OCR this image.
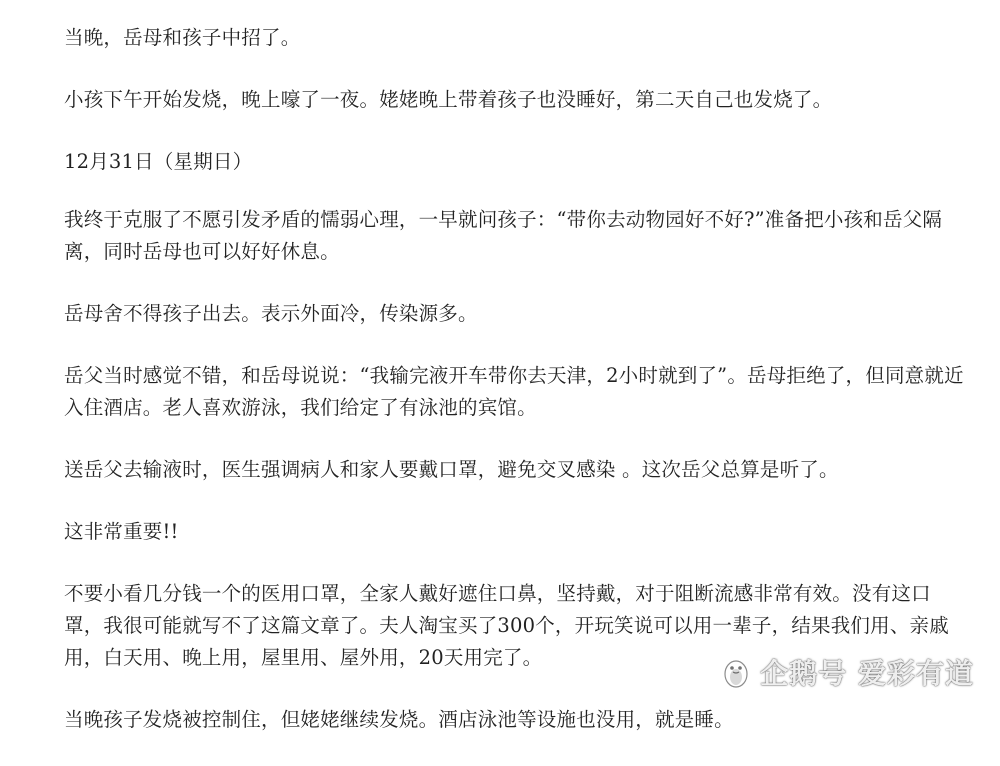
当晚，岳母和孩子中招了。

小孩下午开始发烧，晚上嚎了一夜。姥姥晚上带着孩子也没睡好，第二天自己也发烧了。

12月31日（星期日）

我终于克服了不愿引发矛盾的懦弱心理，一早就问孩子：“带你去动物园好不好?”准备把小孩和岳父隔离，同时岳母也可以好好休息。

岳母舍不得孩子出去。表示外面冷，传染源多。

岳父当时感觉不错，和岳母说说：“我输完液开车带你去天津，2小时就到了”。岳母拒绝了，但同意就近入住酒店。老人喜欢游泳，我们给定了有泳池的宾馆。

送岳父去输液时，医生强调病人和家人要戴口罩，避免交叉感染 。这次岳父总算是听了。

这非常重要!!

不要小看几分钱一个的医用口罩，全家人戴好遮住口鼻，坚持戴，对于阻断流感非常有效。没有这口罩，我很可能就写不了这篇文章了。夫人淘宝买了300个，开玩笑说可以用一辈子，结果我们用、亲戚用，白天用、晚上用，屋里用、屋外用，20天用完了。

当晚孩子发烧被控制住，但姥姥继续发烧。酒店泳池等设施也没用，就是睡。

企鹅号 爱彩有道
